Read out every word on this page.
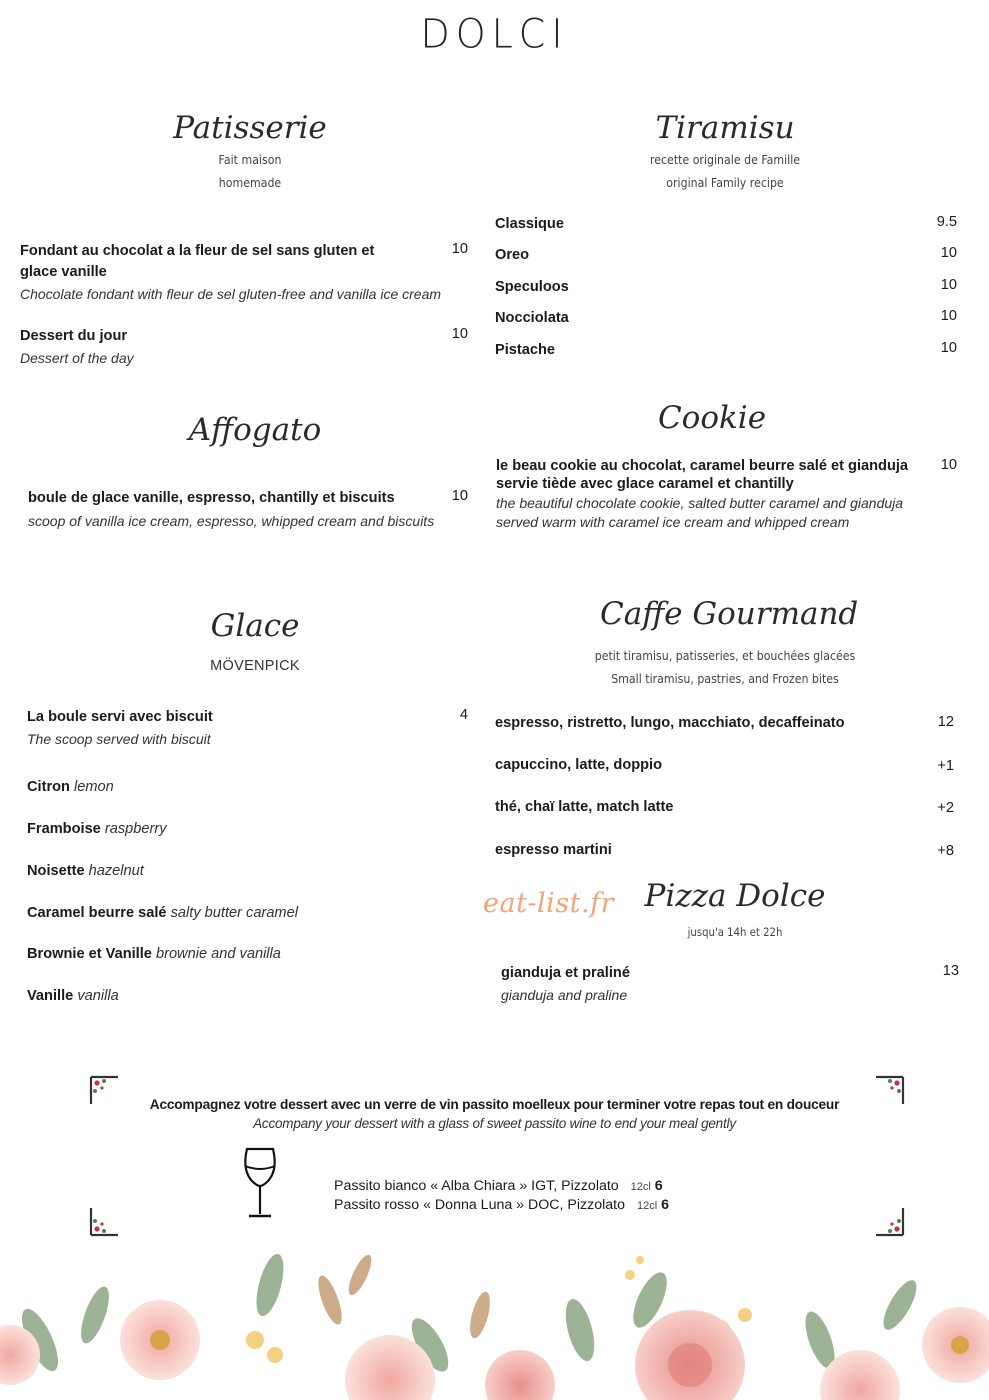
DOLCI
Patisserie
Fait maison
homemade
Fondant au chocolat a la fleur de sel sans gluten et glace vanille
10
Chocolate fondant with fleur de sel gluten-free and vanilla ice cream
Dessert du jour	10
Dessert of the day
Tiramisu
recette originale de Famille
original Family recipe
Classique	9.5
Oreo	10
Speculoos	10
Nocciolata	10
Pistache	10
Affogato
boule de glace vanille, espresso, chantilly et biscuits	10
scoop of vanilla ice cream, espresso, whipped cream and biscuits
Cookie
le beau cookie au chocolat, caramel beurre salé et gianduja servie tiède avec glace caramel et chantilly
10
the beautiful chocolate cookie, salted butter caramel and gianduja served warm with caramel ice cream and whipped cream
Glace
MÖVENPICK
La boule servi avec biscuit	4
The scoop served with biscuit
Citron lemon
Framboise raspberry
Noisette hazelnut
Caramel beurre salé salty butter caramel
Brownie et Vanille brownie and vanilla
Vanille vanilla
Caffe Gourmand
petit tiramisu, patisseries, et bouchées glacées
Small tiramisu, pastries, and Frozen bites
espresso, ristretto, lungo, macchiato, decaffeinato	12
capuccino, latte, doppio	+1
thé, chaï latte, match latte	+2
espresso martini	+8
eat-list.fr Pizza Dolce
jusqu'a 14h et 22h
gianduja et praliné	13
gianduja and praline
Accompagnez votre dessert avec un verre de vin passito moelleux pour terminer votre repas tout en douceur
Accompany your dessert with a glass of sweet passito wine to end your meal gently
Passito bianco « Alba Chiara » IGT, Pizzolato 12cl 6
Passito rosso « Donna Luna » DOC, Pizzolato 12cl 6
